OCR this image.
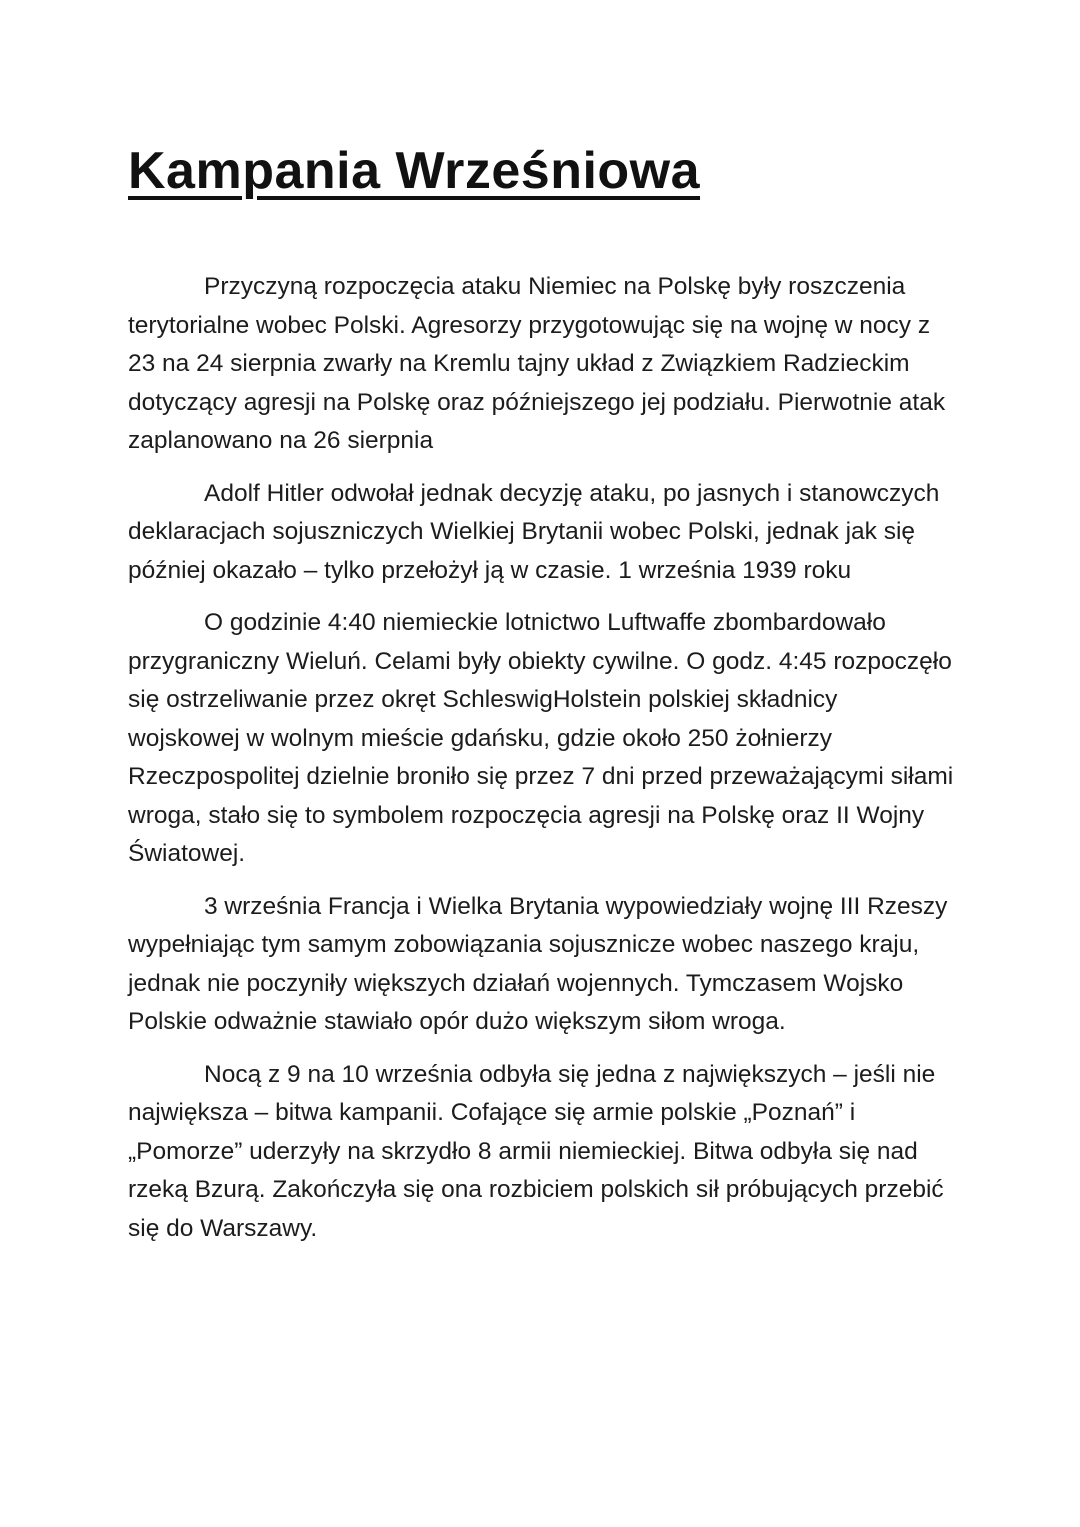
Kampania Wrześniowa

Przyczyną rozpoczęcia ataku Niemiec na Polskę były roszczenia terytorialne wobec Polski. Agresorzy przygotowując się na wojnę w nocy z 23 na 24 sierpnia zwarły na Kremlu tajny układ z Związkiem Radzieckim dotyczący agresji na Polskę oraz późniejszego jej podziału. Pierwotnie atak zaplanowano na 26 sierpnia

Adolf Hitler odwołał jednak decyzję ataku, po jasnych i stanowczych deklaracjach sojuszniczych Wielkiej Brytanii wobec Polski, jednak jak się później okazało – tylko przełożył ją w czasie. 1 września 1939 roku

O godzinie 4:40 niemieckie lotnictwo Luftwaffe zbombardowało przygraniczny Wieluń. Celami były obiekty cywilne. O godz. 4:45 rozpoczęło się ostrzeliwanie przez okręt SchleswigHolstein polskiej składnicy wojskowej w wolnym mieście gdańsku, gdzie około 250 żołnierzy Rzeczpospolitej dzielnie broniło się przez 7 dni przed przeważającymi siłami wroga, stało się to symbolem rozpoczęcia agresji na Polskę oraz II Wojny Światowej.

3 września Francja i Wielka Brytania wypowiedziały wojnę III Rzeszy wypełniając tym samym zobowiązania sojusznicze wobec naszego kraju, jednak nie poczyniły większych działań wojennych. Tymczasem Wojsko Polskie odważnie stawiało opór dużo większym siłom wroga.

Nocą z 9 na 10 września odbyła się jedna z największych – jeśli nie największa – bitwa kampanii. Cofające się armie polskie „Poznań” i „Pomorze” uderzyły na skrzydło 8 armii niemieckiej. Bitwa odbyła się nad rzeką Bzurą. Zakończyła się ona rozbiciem polskich sił próbujących przebić się do Warszawy.
